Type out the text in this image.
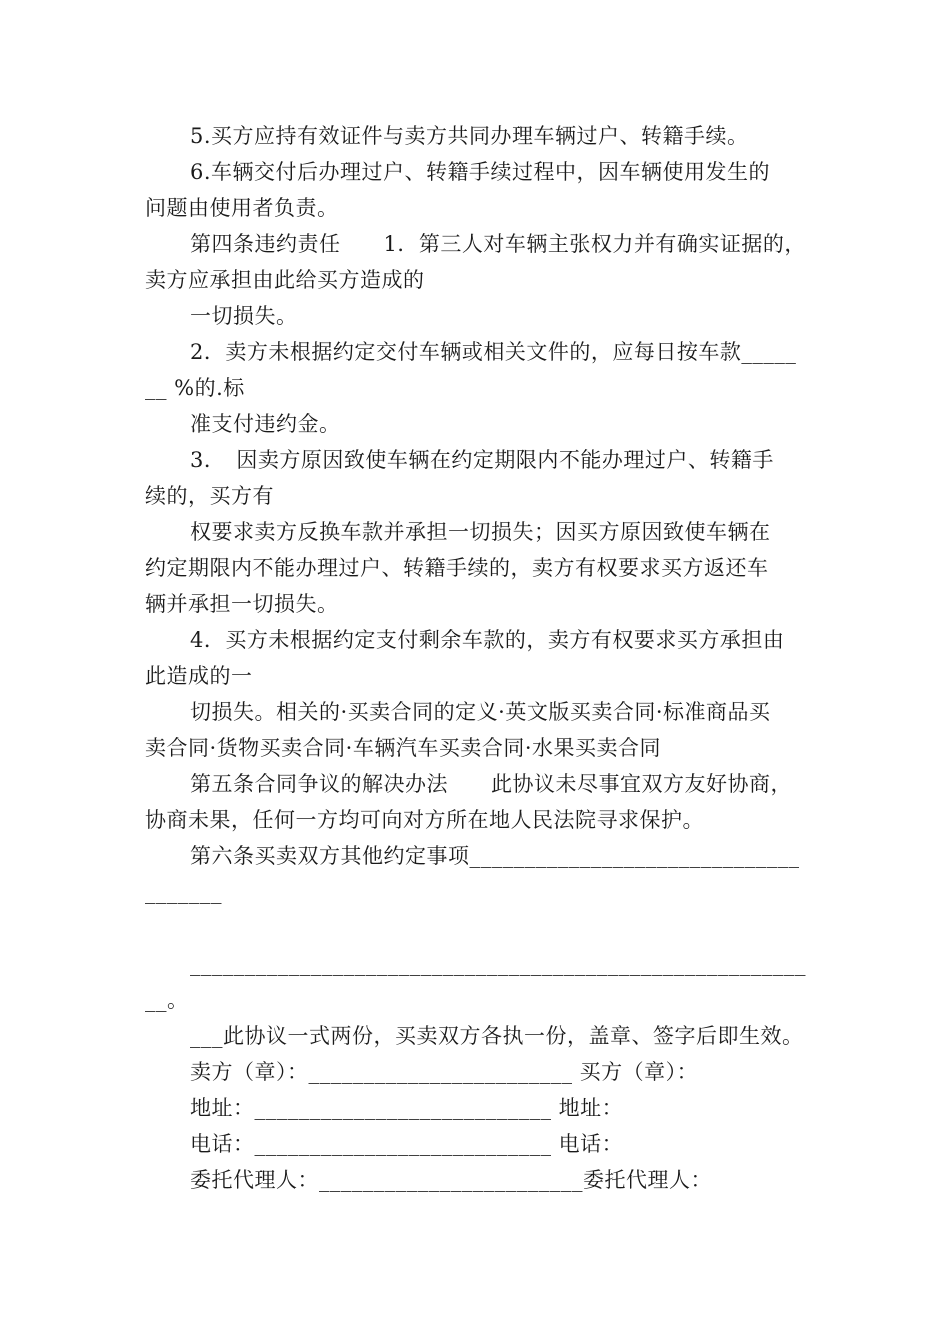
5.买方应持有效证件与卖方共同办理车辆过户、转籍手续。
6.车辆交付后办理过户、转籍手续过程中，因车辆使用发生的
问题由使用者负责。
第四条违约责任　　1．第三人对车辆主张权力并有确实证据的，
卖方应承担由此给买方造成的
一切损失。
2．卖方未根据约定交付车辆或相关文件的，应每日按车款_____
__ %的.标
准支付违约金。
3．　因卖方原因致使车辆在约定期限内不能办理过户、转籍手
续的，买方有
权要求卖方反换车款并承担一切损失；因买方原因致使车辆在
约定期限内不能办理过户、转籍手续的，卖方有权要求买方返还车
辆并承担一切损失。
4．买方未根据约定支付剩余车款的，卖方有权要求买方承担由
此造成的一
切损失。相关的·买卖合同的定义·英文版买卖合同·标准商品买
卖合同·货物买卖合同·车辆汽车买卖合同·水果买卖合同
第五条合同争议的解决办法　　此协议未尽事宜双方友好协商，
协商未果，任何一方均可向对方所在地人民法院寻求保护。
第六条买卖双方其他约定事项______________________________
_______
________________________________________________________
__。
___此协议一式两份，买卖双方各执一份，盖章、签字后即生效。
卖方（章）：________________________ 买方（章）：
地址：___________________________ 地址：
电话：___________________________ 电话：
委托代理人：________________________委托代理人：
